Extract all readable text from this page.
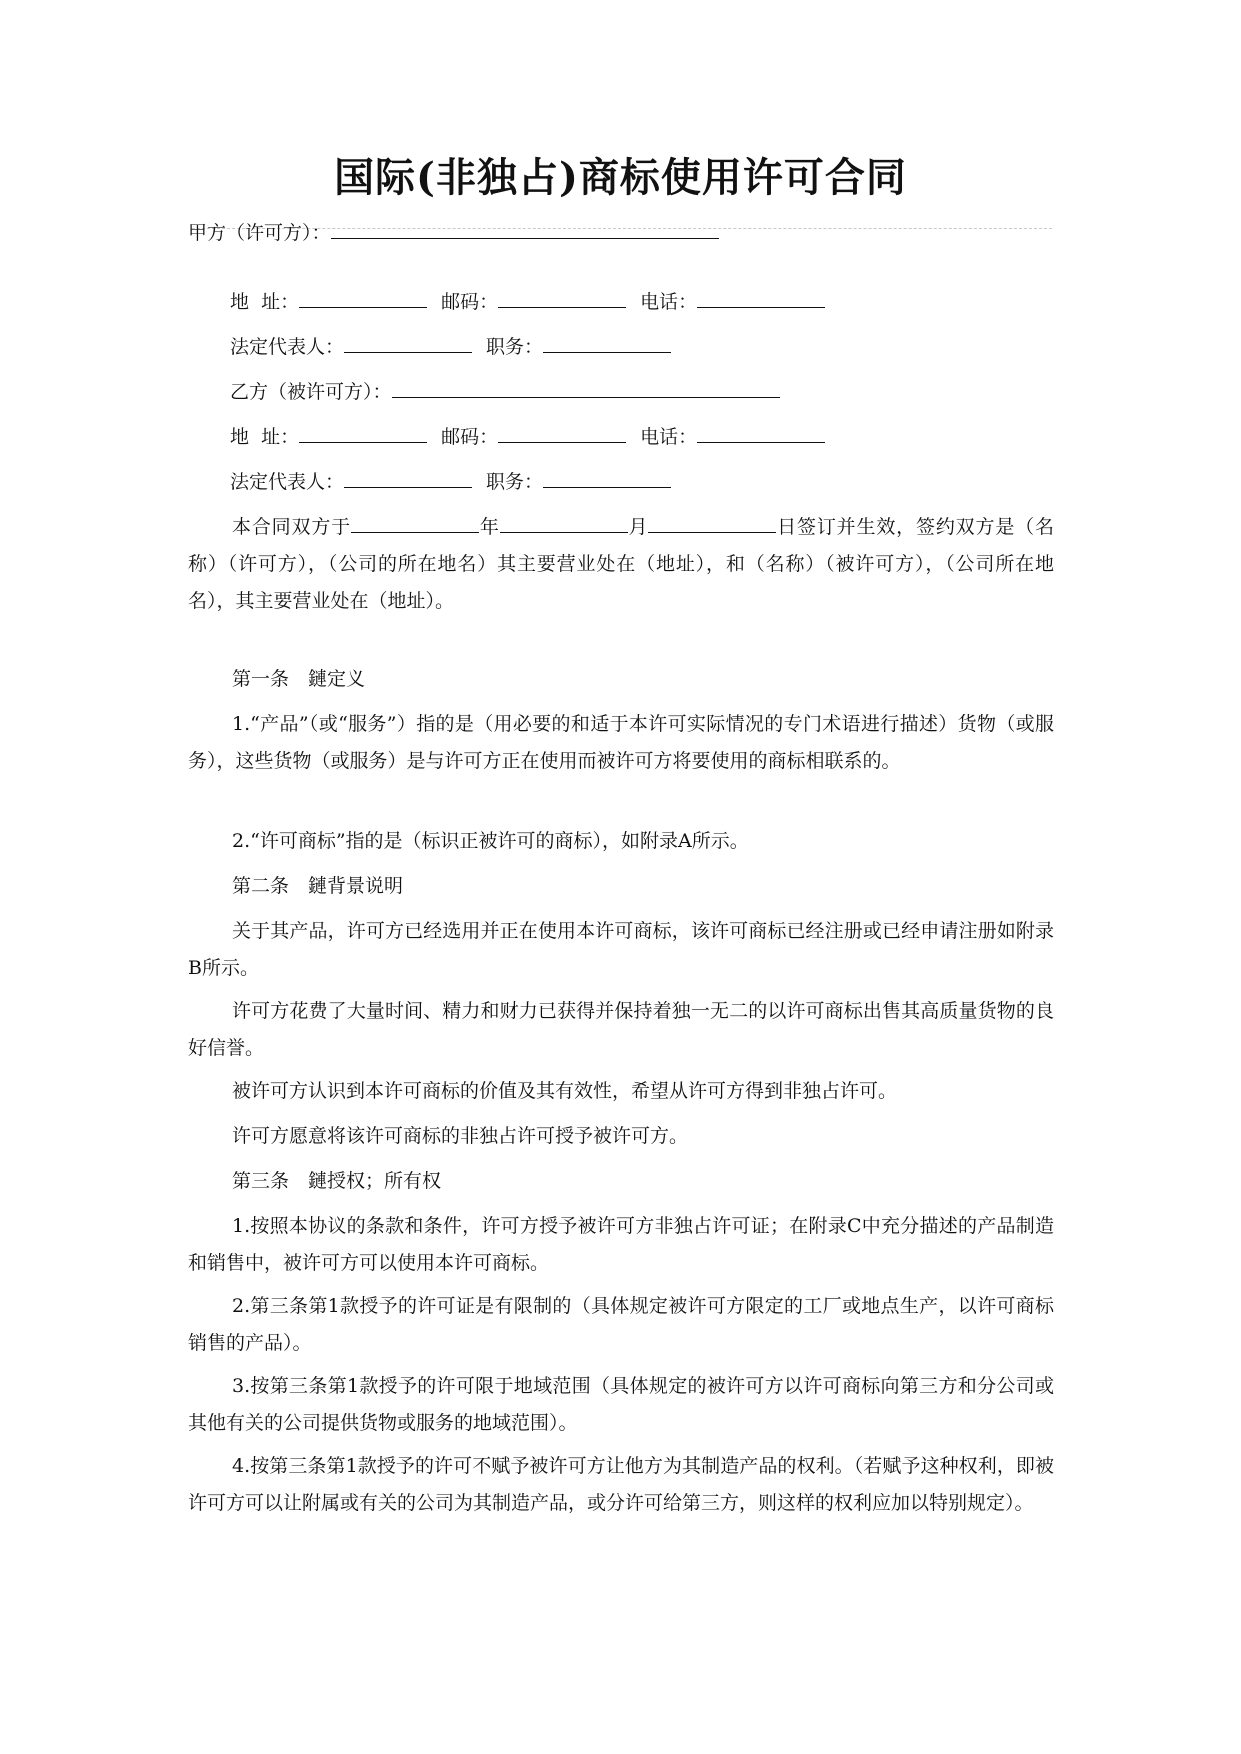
国际(非独占)商标使用许可合同
甲方（许可方）：
地  址：	邮码：	电话：
法定代表人：	职务：
乙方（被许可方）：
地  址：	邮码：	电话：
法定代表人：	职务：
本合同双方于	年	月	日签订并生效，签约双方是（名称）（许可方），（公司的所在地名）其主要营业处在（地址），和（名称）（被许可方），（公司所在地名），其主要营业处在（地址）。
第一条　鏈定义
1.“产品”（或“服务”）指的是（用必要的和适于本许可实际情况的专门术语进行描述）货物（或服务），这些货物（或服务）是与许可方正在使用而被许可方将要使用的商标相联系的。
2.“许可商标”指的是（标识正被许可的商标），如附录A所示。
第二条　鏈背景说明
关于其产品，许可方已经选用并正在使用本许可商标，该许可商标已经注册或已经申请注册如附录B所示。
许可方花费了大量时间、精力和财力已获得并保持着独一无二的以许可商标出售其高质量货物的良好信誉。
被许可方认识到本许可商标的价值及其有效性，希望从许可方得到非独占许可。
许可方愿意将该许可商标的非独占许可授予被许可方。
第三条　鏈授权；所有权
1.按照本协议的条款和条件，许可方授予被许可方非独占许可证；在附录C中充分描述的产品制造和销售中，被许可方可以使用本许可商标。
2.第三条第1款授予的许可证是有限制的（具体规定被许可方限定的工厂或地点生产，以许可商标销售的产品）。
3.按第三条第1款授予的许可限于地域范围（具体规定的被许可方以许可商标向第三方和分公司或其他有关的公司提供货物或服务的地域范围）。
4.按第三条第1款授予的许可不赋予被许可方让他方为其制造产品的权利。（若赋予这种权利，即被许可方可以让附属或有关的公司为其制造产品，或分许可给第三方，则这样的权利应加以特别规定）。
